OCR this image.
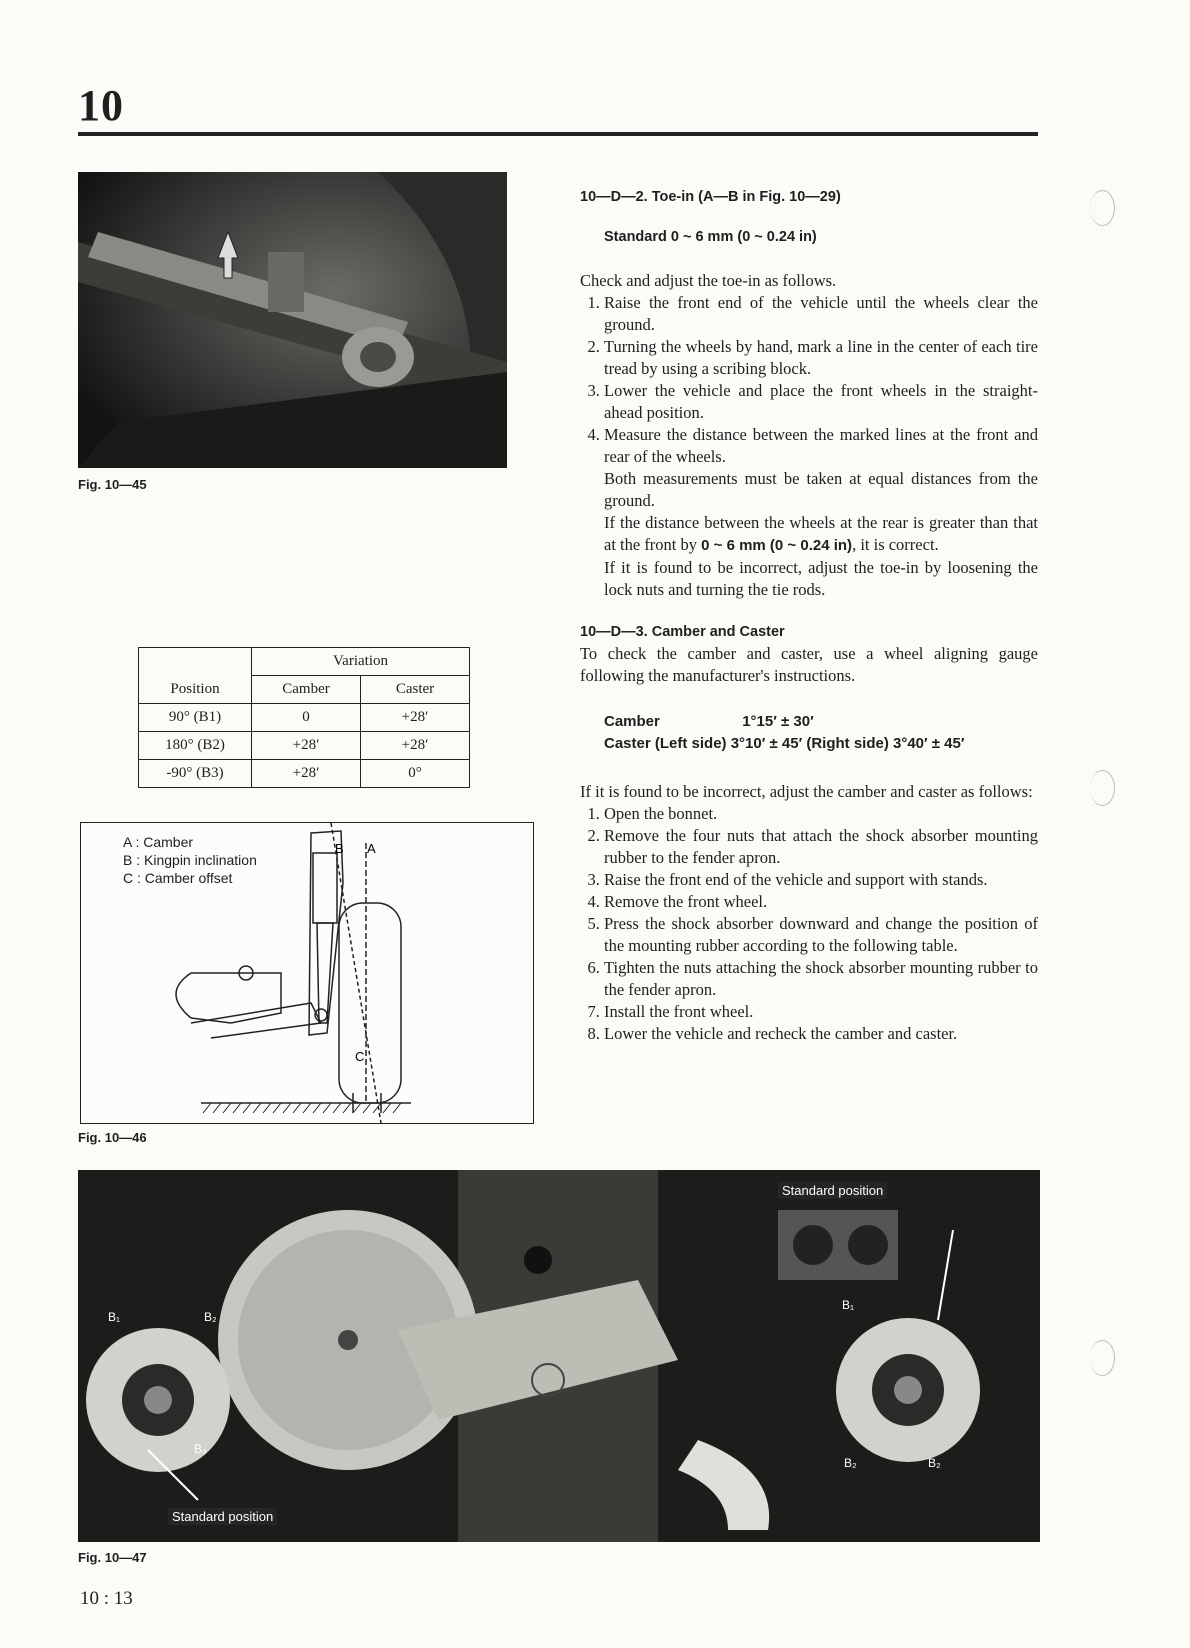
10
Fig. 10—45
	Variation	
Position	Camber	Caster
90° (B1)	0	+28′
180° (B2)	+28′	+28′
-90° (B3)	+28′	0°
A : Camber
B : Kingpin inclination
C : Camber offset
B A
C
Fig. 10—46
10—D—2. Toe-in (A—B in Fig. 10—29)
Standard 0 ~ 6 mm (0 ~ 0.24 in)

Check and adjust the toe-in as follows.

1. Raise the front end of the vehicle until the wheels clear the ground.
2. Turning the wheels by hand, mark a line in the center of each tire tread by using a scribing block.
3. Lower the vehicle and place the front wheels in the straight-ahead position.
4. Measure the distance between the marked lines at the front and rear of the wheels.

Both measurements must be taken at equal distances from the ground.

If the distance between the wheels at the rear is greater than that at the front by 0 ~ 6 mm (0 ~ 0.24 in), it is correct.

If it is found to be incorrect, adjust the toe-in by loosening the lock nuts and turning the tie rods.

10—D—3. Camber and Caster

To check the camber and caster, use a wheel aligning gauge following the manufacturer's instructions.

Camber	1°15′ ± 30′
Caster (Left side) 3°10′ ± 45′ (Right side) 3°40′ ± 45′

If it is found to be incorrect, adjust the camber and caster as follows:

1. Open the bonnet.
2. Remove the four nuts that attach the shock absorber mounting rubber to the fender apron.
3. Raise the front end of the vehicle and support with stands.
4. Remove the front wheel.
5. Press the shock absorber downward and change the position of the mounting rubber according to the following table.
6. Tighten the nuts attaching the shock absorber mounting rubber to the fender apron.
7. Install the front wheel.
8. Lower the vehicle and recheck the camber and caster.
Standard position
Standard position
B₁	B₂
B₃
B₁
B₂	B₂
Fig. 10—47
10 : 13
